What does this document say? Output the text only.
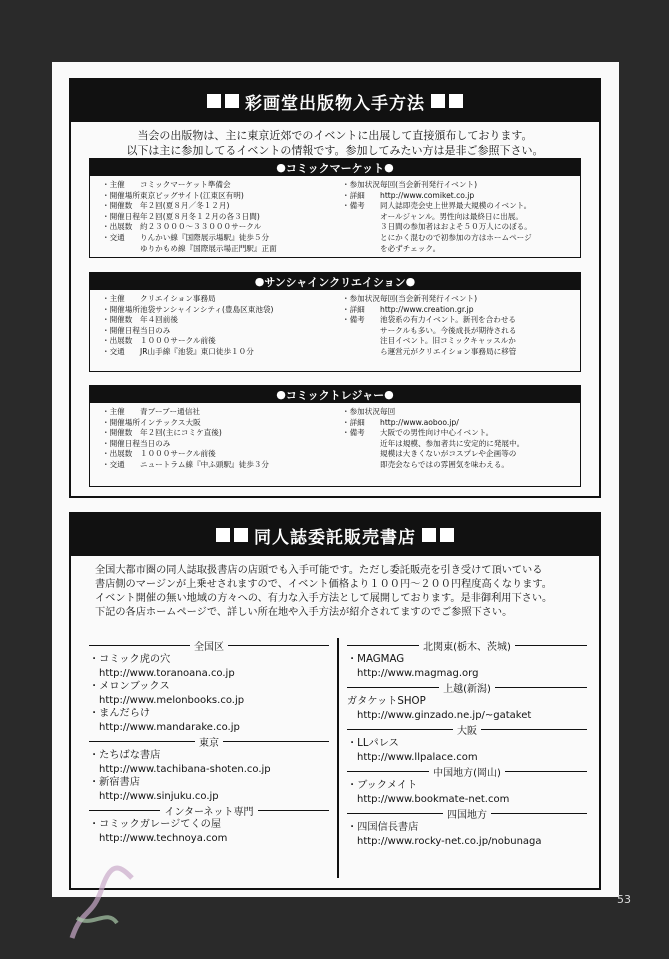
彩画堂出版物入手方法
当会の出版物は、主に東京近郊でのイベントに出展して直接頒布しております。
以下は主に参加してるイベントの情報です。参加してみたい方は是非ご参照下さい。
● コミックマーケット ●
・主催	コミックマーケット準備会
・開催場所 東京ビッグサイト(江東区有明)
・開催数	年２回(夏８月／冬１２月)
・開催日程 年２回(夏８月冬１２月の各３日間)
・出展数	約２３０００～３３０００サークル
・交通	りんかい線『国際展示場駅』徒歩５分
ゆりかもめ線『国際展示場正門駅』正面
・参加状況 毎回(当会新刊発行イベント)
・詳細	http://www.comiket.co.jp
・備考	同人誌即売会史上世界最大規模のイベント。
オールジャンル。男性向は最終日に出展。
３日間の参加者はおよそ５０万人にのぼる。
とにかく混むので初参加の方はホームページ
を必ずチェック。
● サンシャインクリエイション ●
・主催	クリエイション事務局
・開催場所 池袋サンシャインシティ(豊島区東池袋)
・開催数	年４回前後
・開催日程 当日のみ
・出展数	１０００サークル前後
・交通	JR山手線『池袋』東口徒歩１０分
・参加状況 毎回(当会新刊発行イベント)
・詳細	http://www.creation.gr.jp
・備考	池袋系の有力イベント。新刊を合わせる
サークルも多い。今後成長が期待される
注目イベント。旧コミックキャッスルか
ら運営元がクリエイション事務局に移管
● コミックトレジャー ●
・主催	青ブーブー通信社
・開催場所 インテックス大阪
・開催数	年２回(主にコミケ直後)
・開催日程 当日のみ
・出展数	１０００サークル前後
・交通	ニュートラム線『中ふ頭駅』徒歩３分
・参加状況 毎回
・詳細	http://www.aoboo.jp/
・備考	大阪での男性向け中心イベント。
近年は規模、参加者共に安定的に発展中。
規模は大きくないがコスプレや企画等の
即売会ならではの雰囲気を味わえる。
同人誌委託販売書店
全国大都市圏の同人誌取扱書店の店頭でも入手可能です。ただし委託販売を引き受けて頂いている
書店側のマージンが上乗せされますので、イベント価格より１００円～２００円程度高くなります。
イベント開催の無い地域の方々への、有力な入手方法として展開しております。是非御利用下さい。
下記の各店ホームページで、詳しい所在地や入手方法が紹介されてますのでご参照下さい。
全国区
・コミック虎の穴
http://www.toranoana.co.jp
・メロンブックス
http://www.melonbooks.co.jp
・まんだらけ
http://www.mandarake.co.jp
東京
・たちばな書店
http://www.tachibana-shoten.co.jp
・新宿書店
http://www.sinjuku.co.jp
インターネット専門
・コミックガレージてくの屋
http://www.technoya.com
北関東(栃木、茨城)
・MAGMAG
http://www.magmag.org
上越(新潟)
ガタケットSHOP
http://www.ginzado.ne.jp/~gataket
大阪
・LLパレス
http://www.llpalace.com
中国地方(岡山)
・ブックメイト
http://www.bookmate-net.com
四国地方
・四国信長書店
http://www.rocky-net.co.jp/nobunaga
53
